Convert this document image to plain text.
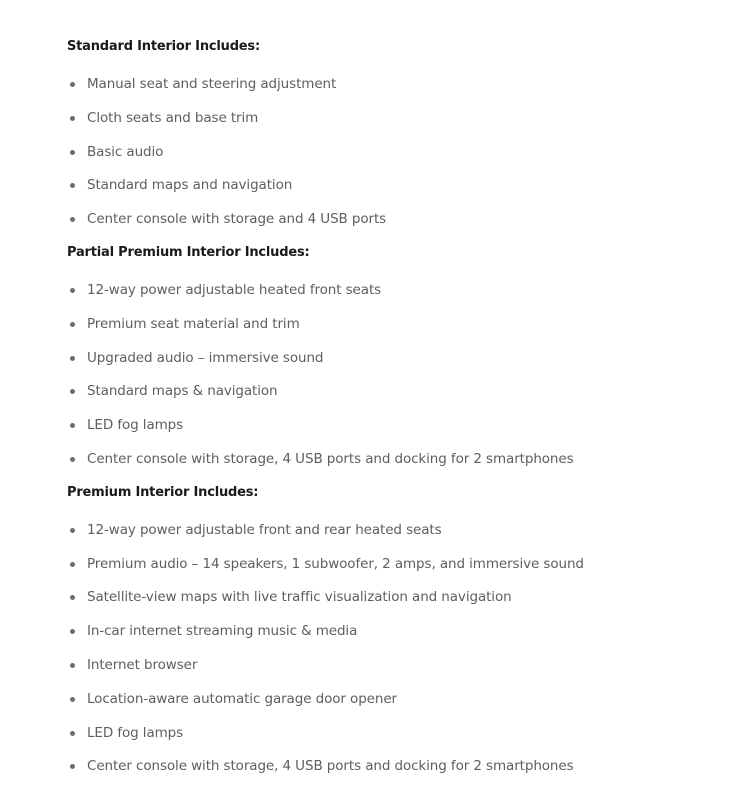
Standard Interior Includes:
Manual seat and steering adjustment
Cloth seats and base trim
Basic audio
Standard maps and navigation
Center console with storage and 4 USB ports
Partial Premium Interior Includes:
12-way power adjustable heated front seats
Premium seat material and trim
Upgraded audio – immersive sound
Standard maps & navigation
LED fog lamps
Center console with storage, 4 USB ports and docking for 2 smartphones
Premium Interior Includes:
12-way power adjustable front and rear heated seats
Premium audio – 14 speakers, 1 subwoofer, 2 amps, and immersive sound
Satellite-view maps with live traffic visualization and navigation
In-car internet streaming music & media
Internet browser
Location-aware automatic garage door opener
LED fog lamps
Center console with storage, 4 USB ports and docking for 2 smartphones
